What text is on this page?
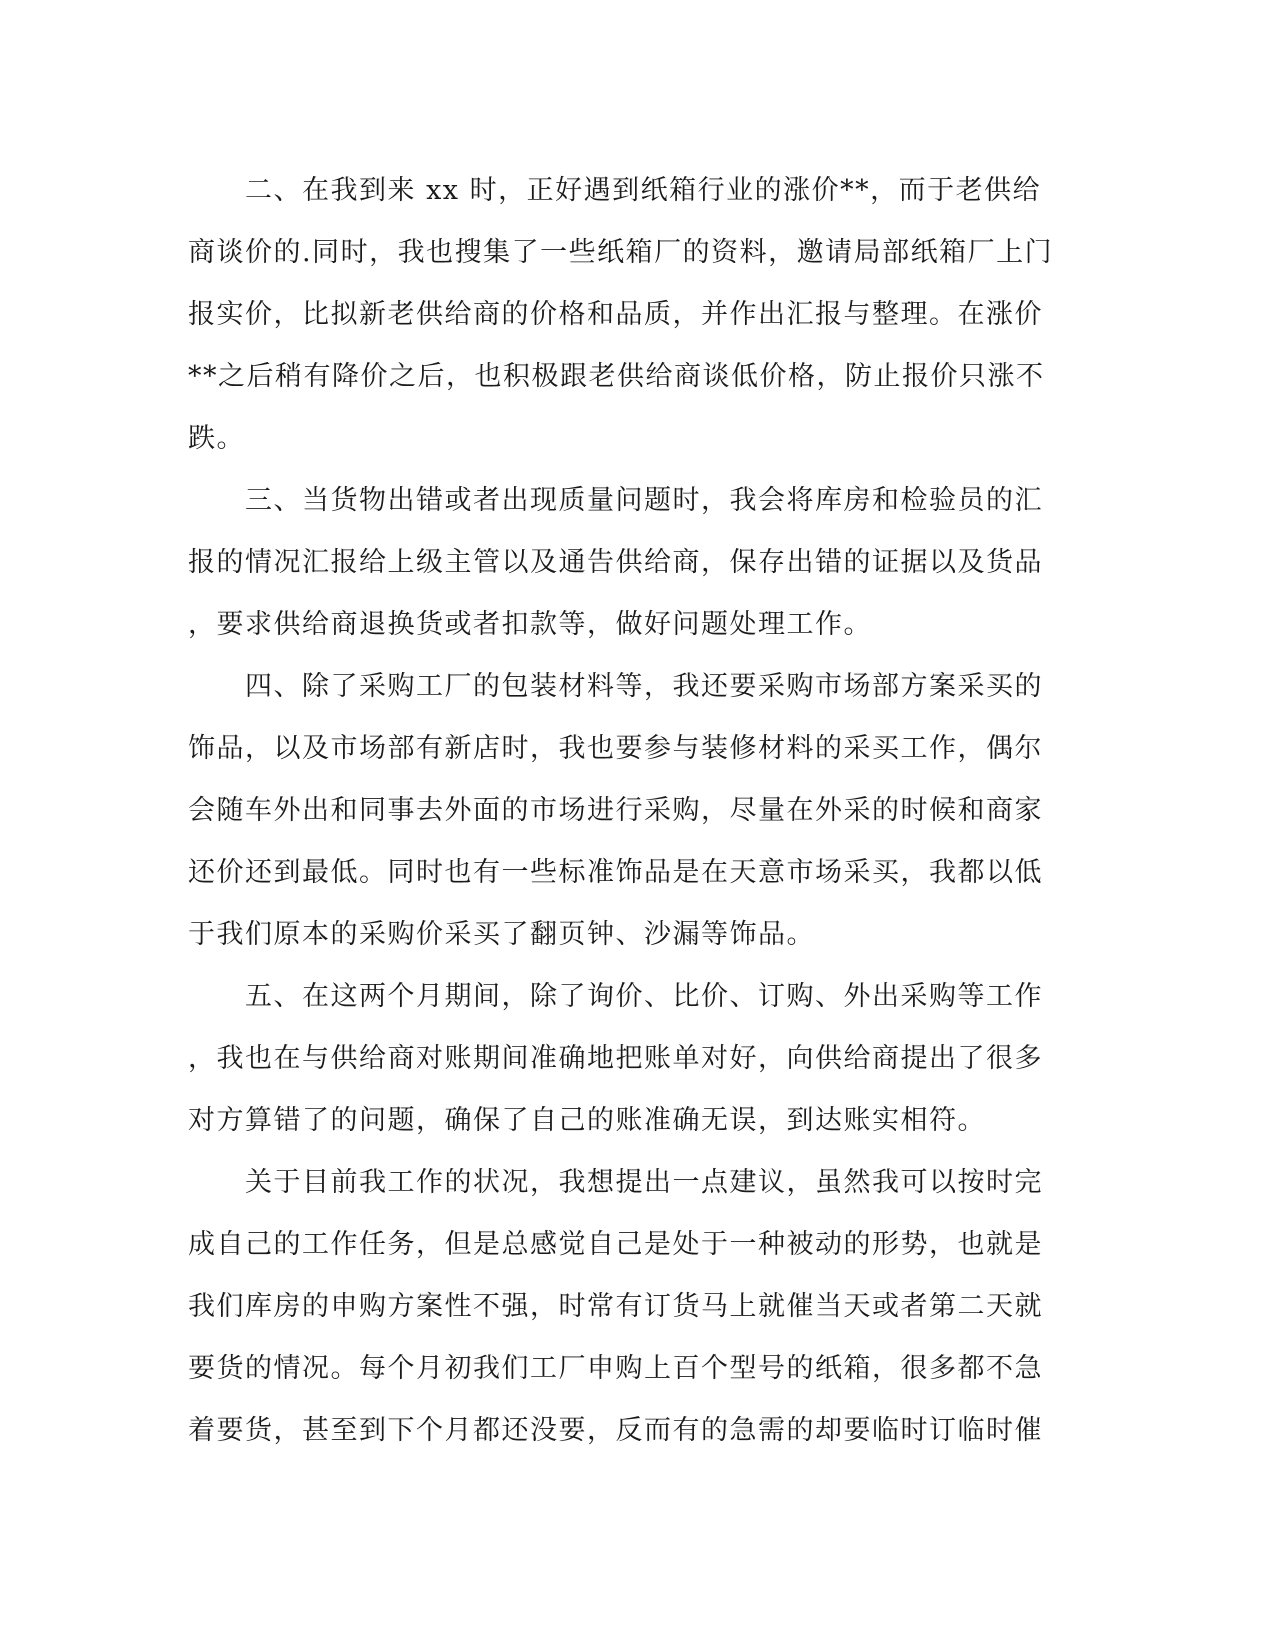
　　二、在我到来 xx 时，正好遇到纸箱行业的涨价**，而于老供给
商谈价的.同时，我也搜集了一些纸箱厂的资料，邀请局部纸箱厂上门
报实价，比拟新老供给商的价格和品质，并作出汇报与整理。在涨价
**之后稍有降价之后，也积极跟老供给商谈低价格，防止报价只涨不
跌。
　　三、当货物出错或者出现质量问题时，我会将库房和检验员的汇
报的情况汇报给上级主管以及通告供给商，保存出错的证据以及货品
，要求供给商退换货或者扣款等，做好问题处理工作。
　　四、除了采购工厂的包装材料等，我还要采购市场部方案采买的
饰品，以及市场部有新店时，我也要参与装修材料的采买工作，偶尔
会随车外出和同事去外面的市场进行采购，尽量在外采的时候和商家
还价还到最低。同时也有一些标准饰品是在天意市场采买，我都以低
于我们原本的采购价采买了翻页钟、沙漏等饰品。
　　五、在这两个月期间，除了询价、比价、订购、外出采购等工作
，我也在与供给商对账期间准确地把账单对好，向供给商提出了很多
对方算错了的问题，确保了自己的账准确无误，到达账实相符。
　　关于目前我工作的状况，我想提出一点建议，虽然我可以按时完
成自己的工作任务，但是总感觉自己是处于一种被动的形势，也就是
我们库房的申购方案性不强，时常有订货马上就催当天或者第二天就
要货的情况。每个月初我们工厂申购上百个型号的纸箱，很多都不急
着要货，甚至到下个月都还没要，反而有的急需的却要临时订临时催
